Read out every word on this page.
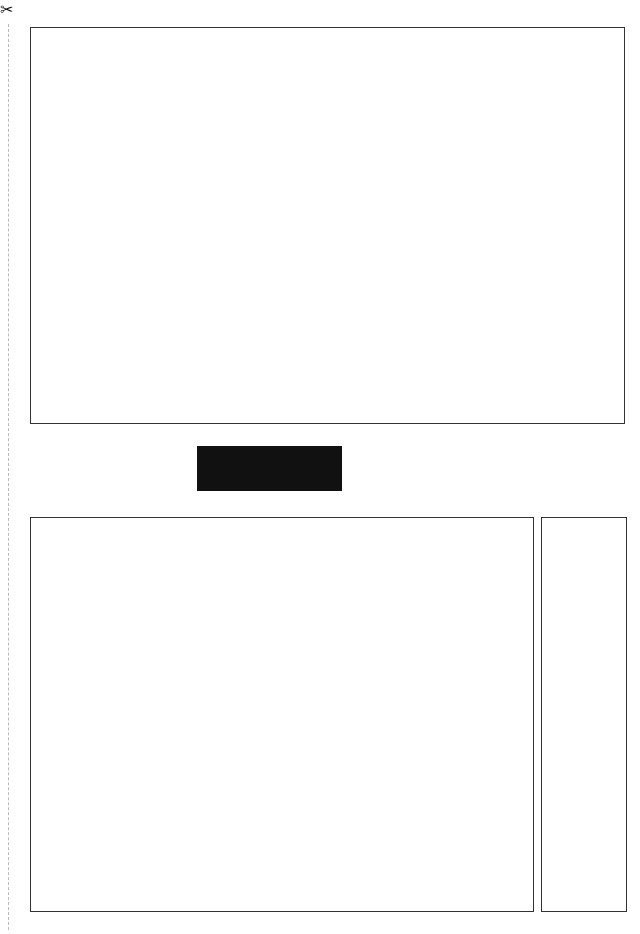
✂
